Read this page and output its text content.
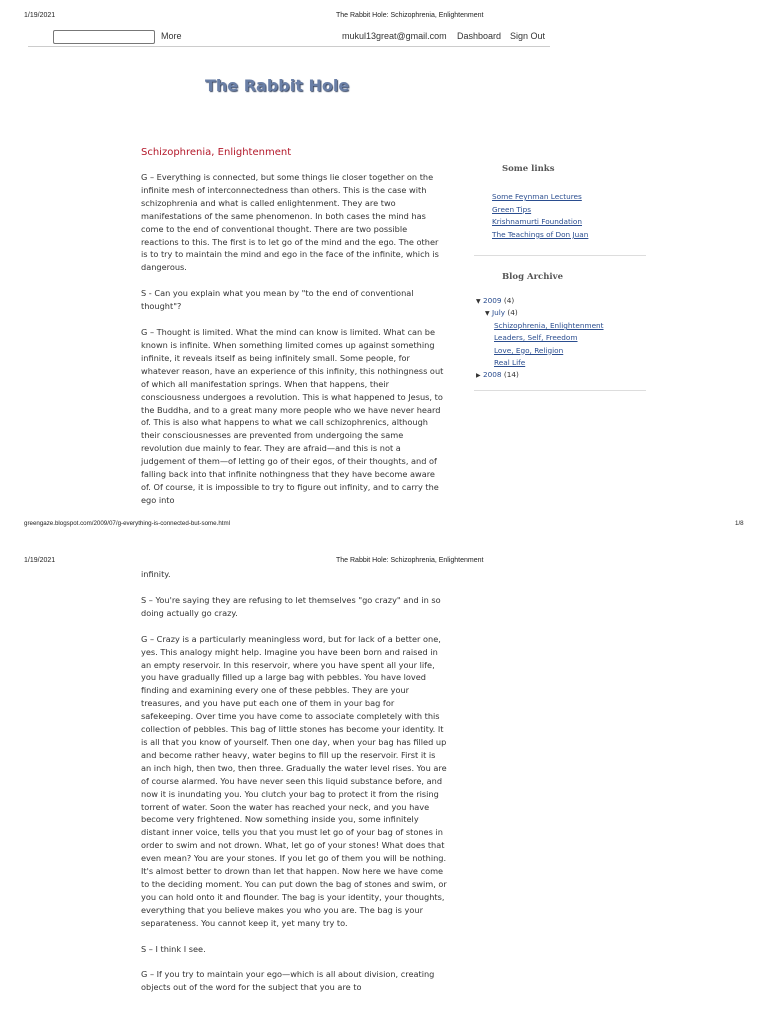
1/19/2021	The Rabbit Hole: Schizophrenia, Enlightenment
More	mukul13great@gmail.com Dashboard Sign Out
The Rabbit Hole
Schizophrenia, Enlightenment

G – Everything is connected, but some things lie closer together on the infinite mesh of interconnectedness than others. This is the case with schizophrenia and what is called enlightenment. They are two manifestations of the same phenomenon. In both cases the mind has come to the end of conventional thought. There are two possible reactions to this. The first is to let go of the mind and the ego. The other is to try to maintain the mind and ego in the face of the infinite, which is dangerous.

S - Can you explain what you mean by "to the end of conventional thought"?

G – Thought is limited. What the mind can know is limited. What can be known is infinite. When something limited comes up against something infinite, it reveals itself as being infinitely small. Some people, for whatever reason, have an experience of this infinity, this nothingness out of which all manifestation springs. When that happens, their consciousness undergoes a revolution. This is what happened to Jesus, to the Buddha, and to a great many more people who we have never heard of. This is also what happens to what we call schizophrenics, although their consciousnesses are prevented from undergoing the same revolution due mainly to fear. They are afraid—and this is not a judgement of them—of letting go of their egos, of their thoughts, and of falling back into that infinite nothingness that they have become aware of. Of course, it is impossible to try to figure out infinity, and to carry the ego into

Some links
Some Feynman Lectures
Green Tips
Krishnamurti Foundation
The Teachings of Don Juan
Blog Archive
▼ 2009 (4)
▼ July (4)
Schizophrenia, Enlightenment
Leaders, Self, Freedom
Love, Ego, Religion
Real Life
▶ 2008 (14)
greengaze.blogspot.com/2009/07/g-everything-is-connected-but-some.html	1/8
1/19/2021	The Rabbit Hole: Schizophrenia, Enlightenment

infinity.

S – You're saying they are refusing to let themselves "go crazy" and in so doing actually go crazy.

G – Crazy is a particularly meaningless word, but for lack of a better one, yes. This analogy might help. Imagine you have been born and raised in an empty reservoir. In this reservoir, where you have spent all your life, you have gradually filled up a large bag with pebbles. You have loved finding and examining every one of these pebbles. They are your treasures, and you have put each one of them in your bag for safekeeping. Over time you have come to associate completely with this collection of pebbles. This bag of little stones has become your identity. It is all that you know of yourself. Then one day, when your bag has filled up and become rather heavy, water begins to fill up the reservoir. First it is an inch high, then two, then three. Gradually the water level rises. You are of course alarmed. You have never seen this liquid substance before, and now it is inundating you. You clutch your bag to protect it from the rising torrent of water. Soon the water has reached your neck, and you have become very frightened. Now something inside you, some infinitely distant inner voice, tells you that you must let go of your bag of stones in order to swim and not drown. What, let go of your stones! What does that even mean? You are your stones. If you let go of them you will be nothing. It's almost better to drown than let that happen. Now here we have come to the deciding moment. You can put down the bag of stones and swim, or you can hold onto it and flounder. The bag is your identity, your thoughts, everything that you believe makes you who you are. The bag is your separateness. You cannot keep it, yet many try to.

S – I think I see.

G – If you try to maintain your ego—which is all about division, creating objects out of the word for the subject that you are to
